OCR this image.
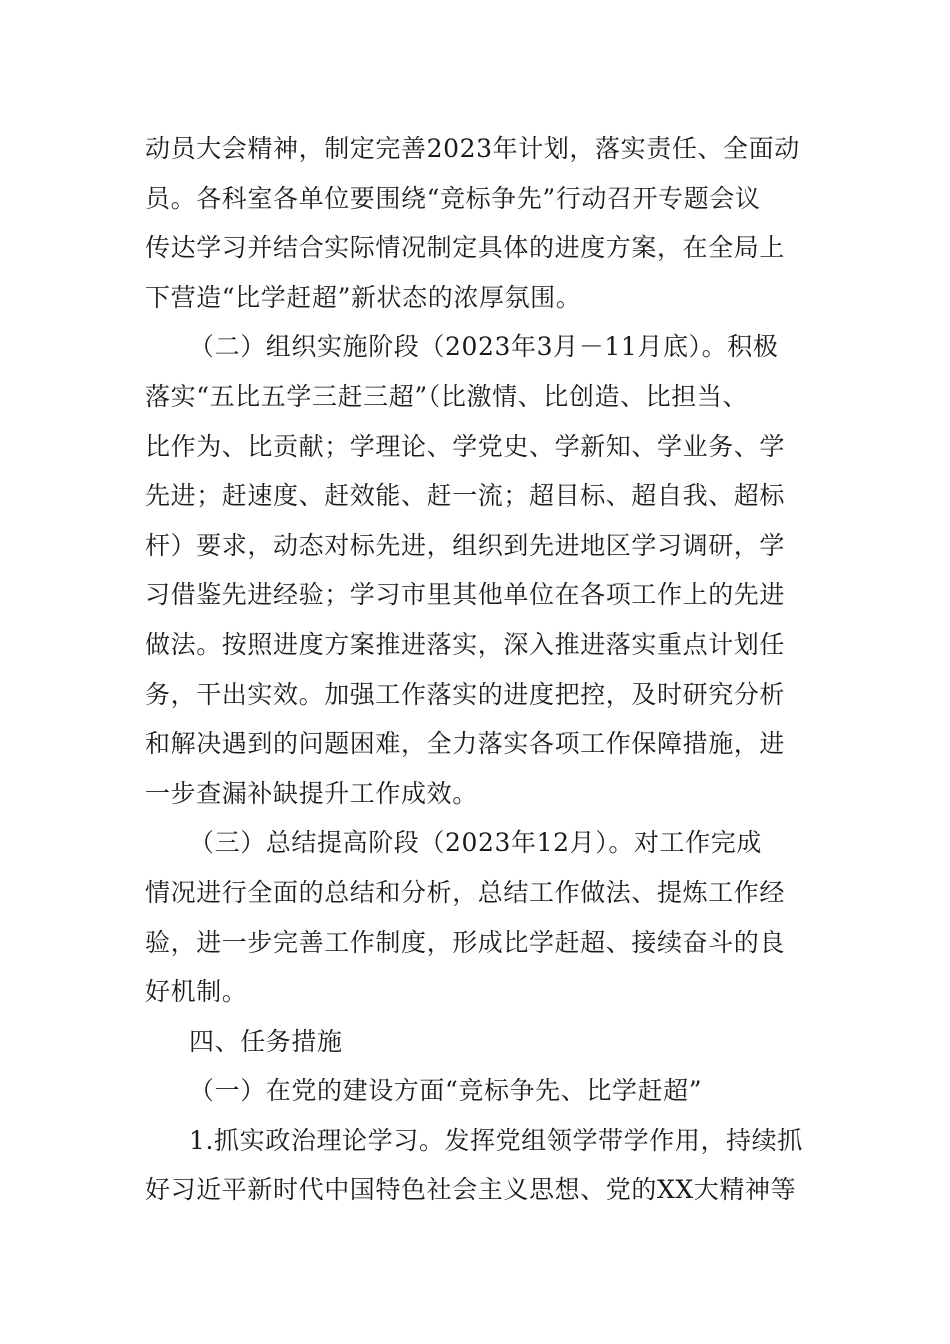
动员大会精神，制定完善2023年计划，落实责任、全面动
员。各科室各单位要围绕“竞标争先”行动召开专题会议
传达学习并结合实际情况制定具体的进度方案，在全局上
下营造“比学赶超”新状态的浓厚氛围。

（二）组织实施阶段（2023年3月－11月底）。积极
落实“五比五学三赶三超”（比激情、比创造、比担当、
比作为、比贡献；学理论、学党史、学新知、学业务、学
先进；赶速度、赶效能、赶一流；超目标、超自我、超标
杆）要求，动态对标先进，组织到先进地区学习调研，学
习借鉴先进经验；学习市里其他单位在各项工作上的先进
做法。按照进度方案推进落实，深入推进落实重点计划任
务，干出实效。加强工作落实的进度把控，及时研究分析
和解决遇到的问题困难，全力落实各项工作保障措施，进
一步查漏补缺提升工作成效。

（三）总结提高阶段（2023年12月）。对工作完成
情况进行全面的总结和分析，总结工作做法、提炼工作经
验，进一步完善工作制度，形成比学赶超、接续奋斗的良
好机制。

四、任务措施

（一）在党的建设方面“竞标争先、比学赶超”

1.抓实政治理论学习。发挥党组领学带学作用，持续抓
好习近平新时代中国特色社会主义思想、党的XX大精神等
